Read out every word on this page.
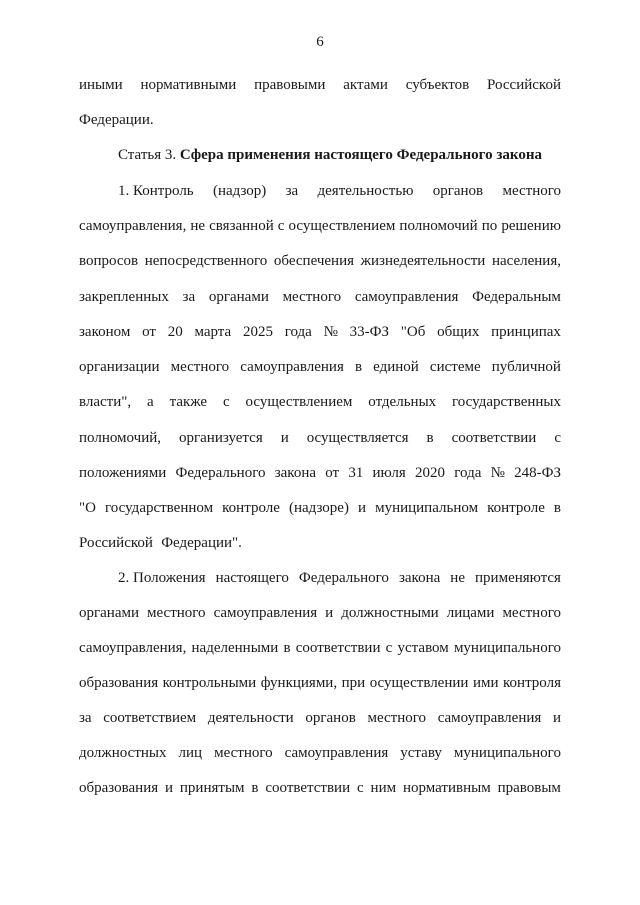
6
иными нормативными правовыми актами субъектов Российской
Федерации.
Статья 3. Сфера применения настоящего Федерального закона
1. Контроль (надзор) за деятельностью органов местного
самоуправления, не связанной с осуществлением полномочий по решению
вопросов непосредственного обеспечения жизнедеятельности населения,
закрепленных за органами местного самоуправления Федеральным
законом от 20 марта 2025 года № 33-ФЗ "Об общих принципах
организации местного самоуправления в единой системе публичной
власти", а также с осуществлением отдельных государственных
полномочий, организуется и осуществляется в соответствии с
положениями Федерального закона от 31 июля 2020 года № 248-ФЗ
"О государственном контроле (надзоре) и муниципальном контроле в
Российской Федерации".
2. Положения настоящего Федерального закона не применяются
органами местного самоуправления и должностными лицами местного
самоуправления, наделенными в соответствии с уставом муниципального
образования контрольными функциями, при осуществлении ими контроля
за соответствием деятельности органов местного самоуправления и
должностных лиц местного самоуправления уставу муниципального
образования и принятым в соответствии с ним нормативным правовым
